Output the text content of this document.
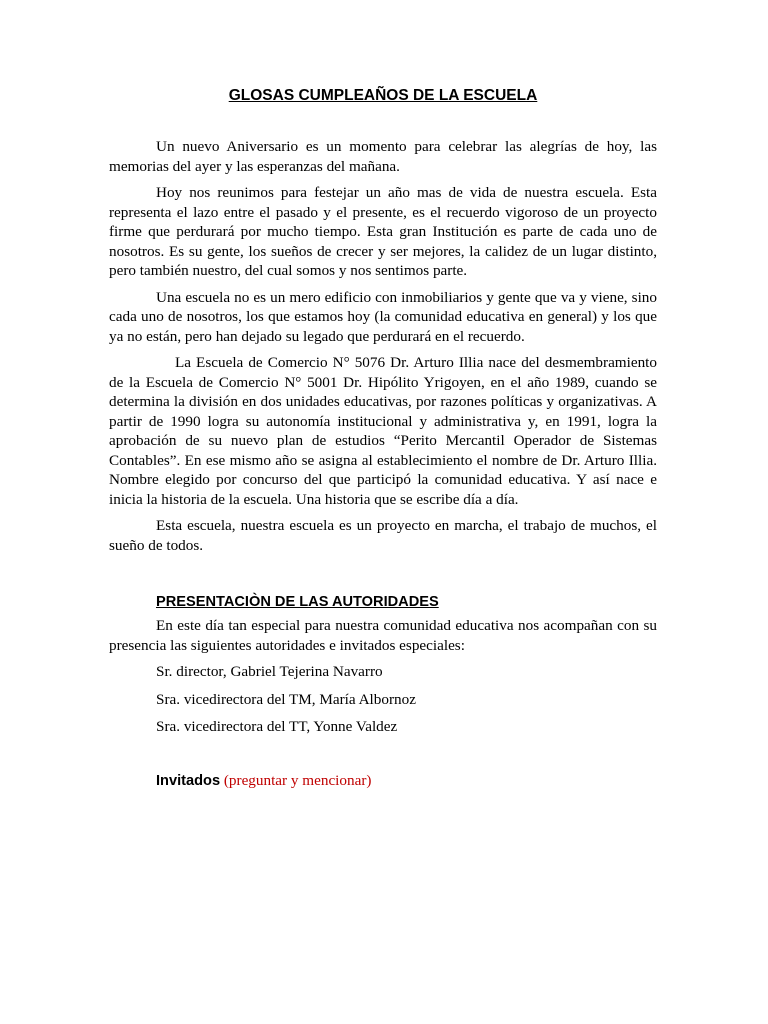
GLOSAS CUMPLEAÑOS DE LA ESCUELA

Un nuevo Aniversario es un momento para celebrar las alegrías de hoy, las memorias del ayer y las esperanzas del mañana.

Hoy nos reunimos para festejar un año mas de vida de nuestra escuela. Esta representa el lazo entre el pasado y el presente, es el recuerdo vigoroso de un proyecto firme que perdurará por mucho tiempo. Esta gran Institución es parte de cada uno de nosotros. Es su gente, los sueños de crecer y ser mejores, la calidez de un lugar distinto, pero también nuestro, del cual somos y nos sentimos parte.

Una escuela no es un mero edificio con inmobiliarios y gente que va y viene, sino cada uno de nosotros, los que estamos hoy (la comunidad educativa en general) y los que ya no están, pero han dejado su legado que perdurará en el recuerdo.

La Escuela de Comercio N° 5076 Dr. Arturo Illia nace del desmembramiento de la Escuela de Comercio N° 5001 Dr. Hipólito Yrigoyen, en el año 1989, cuando se determina la división en dos unidades educativas, por razones políticas y organizativas. A partir de 1990 logra su autonomía institucional y administrativa y, en 1991, logra la aprobación de su nuevo plan de estudios “Perito Mercantil Operador de Sistemas Contables”. En ese mismo año se asigna al establecimiento el nombre de Dr. Arturo Illia. Nombre elegido por concurso del que participó la comunidad educativa. Y así nace e inicia la historia de la escuela. Una historia que se escribe día a día.

Esta escuela, nuestra escuela es un proyecto en marcha, el trabajo de muchos, el sueño de todos.

PRESENTACIÒN DE LAS AUTORIDADES

En este día tan especial para nuestra comunidad educativa nos acompañan con su presencia las siguientes autoridades e invitados especiales:

Sr. director, Gabriel Tejerina Navarro
Sra. vicedirectora del TM, María Albornoz
Sra. vicedirectora del TT, Yonne Valdez
Invitados (preguntar y mencionar)
